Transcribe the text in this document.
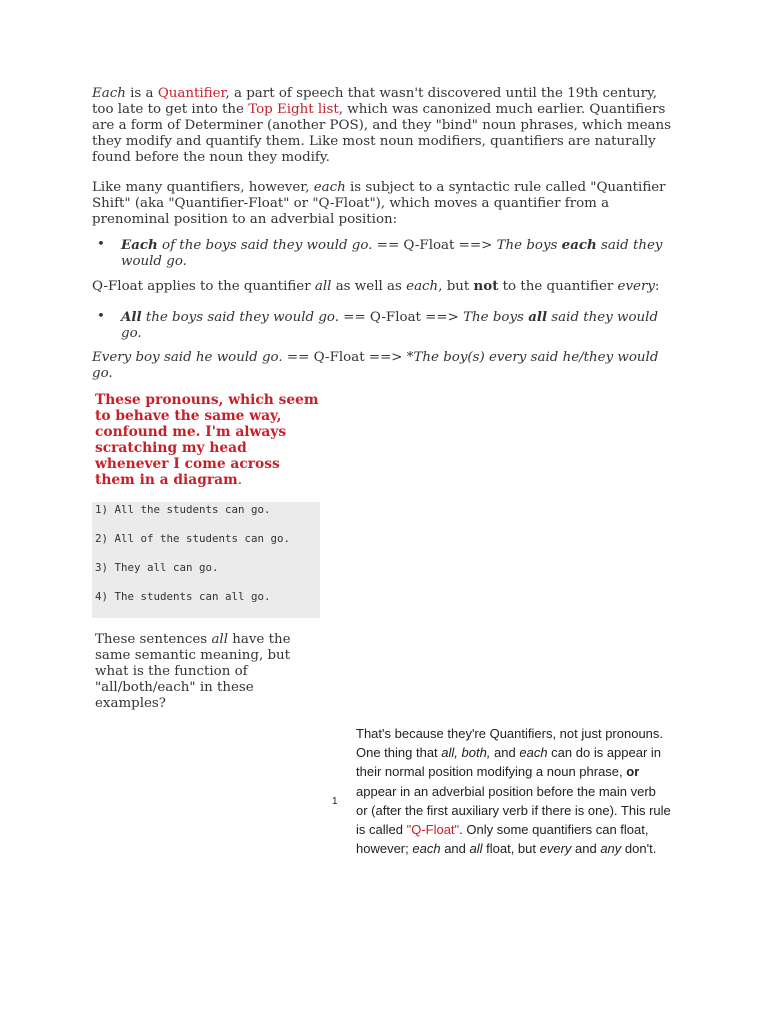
Each is a Quantifier, a part of speech that wasn't discovered until the 19th century, too late to get into the Top Eight list, which was canonized much earlier. Quantifiers are a form of Determiner (another POS), and they "bind" noun phrases, which means they modify and quantify them. Like most noun modifiers, quantifiers are naturally found before the noun they modify.

Like many quantifiers, however, each is subject to a syntactic rule called "Quantifier Shift" (aka "Quantifier-Float" or "Q-Float"), which moves a quantifier from a prenominal position to an adverbial position:

• Each of the boys said they would go. == Q-Float ==> The boys each said they would go.

Q-Float applies to the quantifier all as well as each, but not to the quantifier every:

• All the boys said they would go. == Q-Float ==> The boys all said they would go.

Every boy said he would go. == Q-Float ==> *The boy(s) every said he/they would go.

These pronouns, which seem to behave the same way, confound me. I'm always scratching my head whenever I come across them in a diagram.

1) All the students can go.
2) All of the students can go.
3) They all can go.
4) The students can all go.

These sentences all have the same semantic meaning, but what is the function of "all/both/each" in these examples?

1
That's because they're Quantifiers, not just pronouns. One thing that all, both, and each can do is appear in their normal position modifying a noun phrase, or appear in an adverbial position before the main verb or (after the first auxiliary verb if there is one). This rule is called "Q-Float". Only some quantifiers can float, however; each and all float, but every and any don't.
